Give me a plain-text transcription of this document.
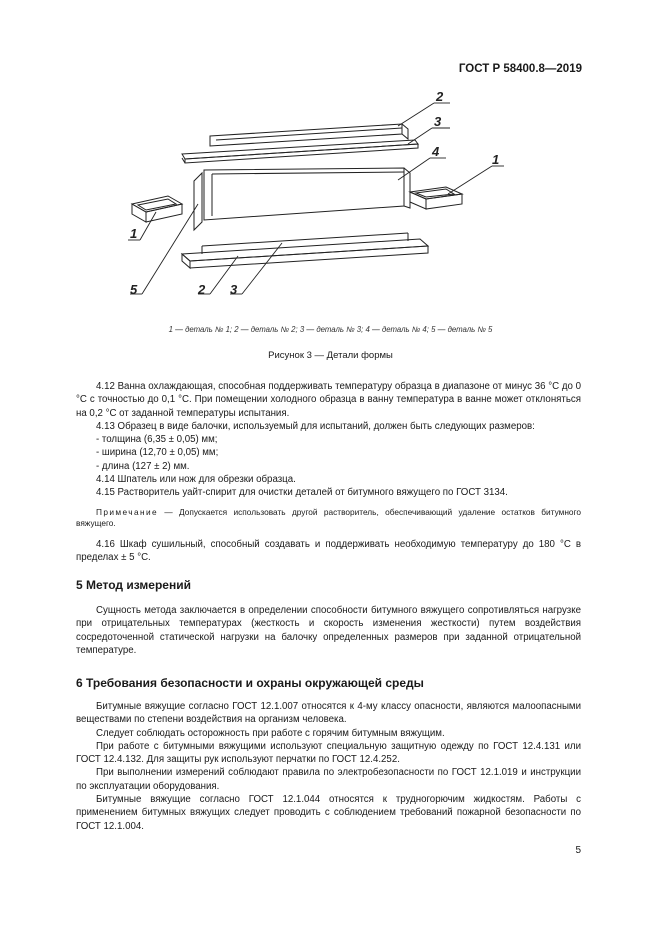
ГОСТ Р 58400.8—2019
2
3
4
1
1
5	2 3
1 — деталь № 1; 2 — деталь № 2; 3 — деталь № 3; 4 — деталь № 4; 5 — деталь № 5
Рисунок 3 — Детали формы

4.12 Ванна охлаждающая, способная поддерживать температуру образца в диапазоне от минус 36 °С до 0 °С с точностью до 0,1 °С. При помещении холодного образца в ванну температура в ванне может отклоняться на 0,2 °С от заданной температуры испытания.

4.13 Образец в виде балочки, используемый для испытаний, должен быть следующих размеров:

- толщина (6,35 ± 0,05) мм;

- ширина (12,70 ± 0,05) мм;

- длина (127 ± 2) мм.

4.14 Шпатель или нож для обрезки образца.

4.15 Растворитель уайт-спирит для очистки деталей от битумного вяжущего по ГОСТ 3134.

Примечание — Допускается использовать другой растворитель, обеспечивающий удаление остатков битумного вяжущего.

4.16 Шкаф сушильный, способный создавать и поддерживать необходимую температуру до 180 °С в пределах ± 5 °С.

5 Метод измерений

Сущность метода заключается в определении способности битумного вяжущего сопротивляться нагрузке при отрицательных температурах (жесткость и скорость изменения жесткости) путем воздействия сосредоточенной статической нагрузки на балочку определенных размеров при заданной отрицательной температуре.

6 Требования безопасности и охраны окружающей среды

Битумные вяжущие согласно ГОСТ 12.1.007 относятся к 4-му классу опасности, являются малоопасными веществами по степени воздействия на организм человека.

Следует соблюдать осторожность при работе с горячим битумным вяжущим.

При работе с битумными вяжущими используют специальную защитную одежду по ГОСТ 12.4.131 или ГОСТ 12.4.132. Для защиты рук используют перчатки по ГОСТ 12.4.252.

При выполнении измерений соблюдают правила по электробезопасности по ГОСТ 12.1.019 и инструкции по эксплуатации оборудования.

Битумные вяжущие согласно ГОСТ 12.1.044 относятся к трудногорючим жидкостям. Работы с применением битумных вяжущих следует проводить с соблюдением требований пожарной безопасности по ГОСТ 12.1.004.

5
